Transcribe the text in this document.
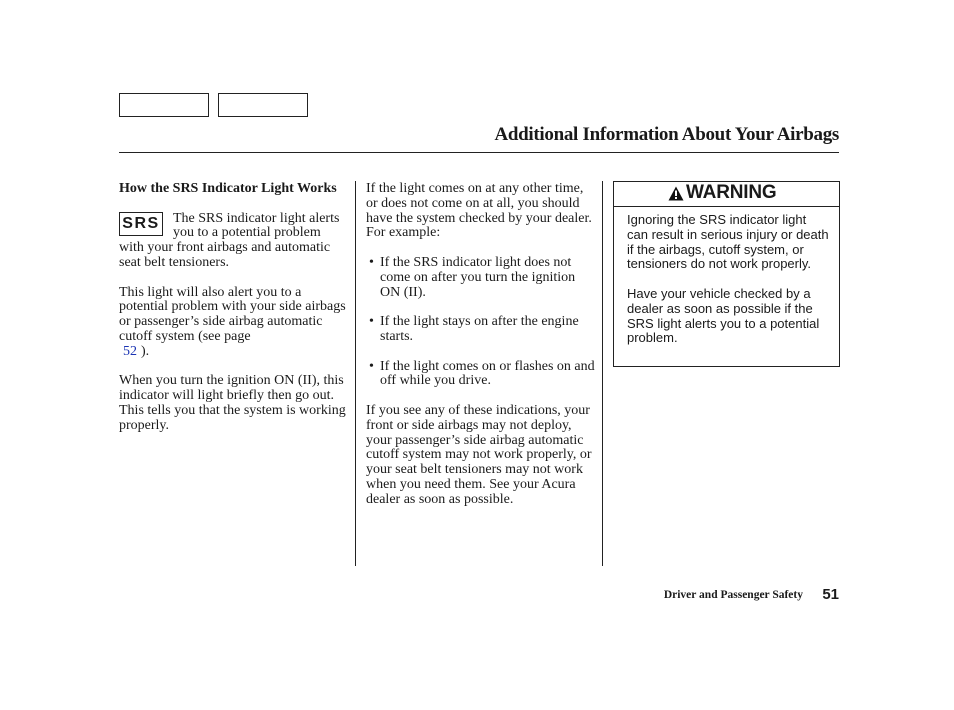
Additional Information About Your Airbags

How the SRS Indicator Light Works

SRS The SRS indicator light alerts you to a potential problem with your front airbags and automatic seat belt tensioners.

This light will also alert you to a potential problem with your side airbags or passenger’s side airbag automatic cutoff system (see page
52 ).

When you turn the ignition ON (II), this indicator will light briefly then go out. This tells you that the system is working properly.

If the light comes on at any other time, or does not come on at all, you should have the system checked by your dealer. For example:

• If the SRS indicator light does not come on after you turn the ignition ON (II).
• If the light stays on after the engine starts.
• If the light comes on or flashes on and off while you drive.

If you see any of these indications, your front or side airbags may not deploy, your passenger’s side airbag automatic cutoff system may not work properly, or your seat belt tensioners may not work when you need them. See your Acura dealer as soon as possible.

WARNING

Ignoring the SRS indicator light can result in serious injury or death if the airbags, cutoff system, or tensioners do not work properly.

Have your vehicle checked by a dealer as soon as possible if the SRS light alerts you to a potential problem.

Driver and Passenger Safety 51
